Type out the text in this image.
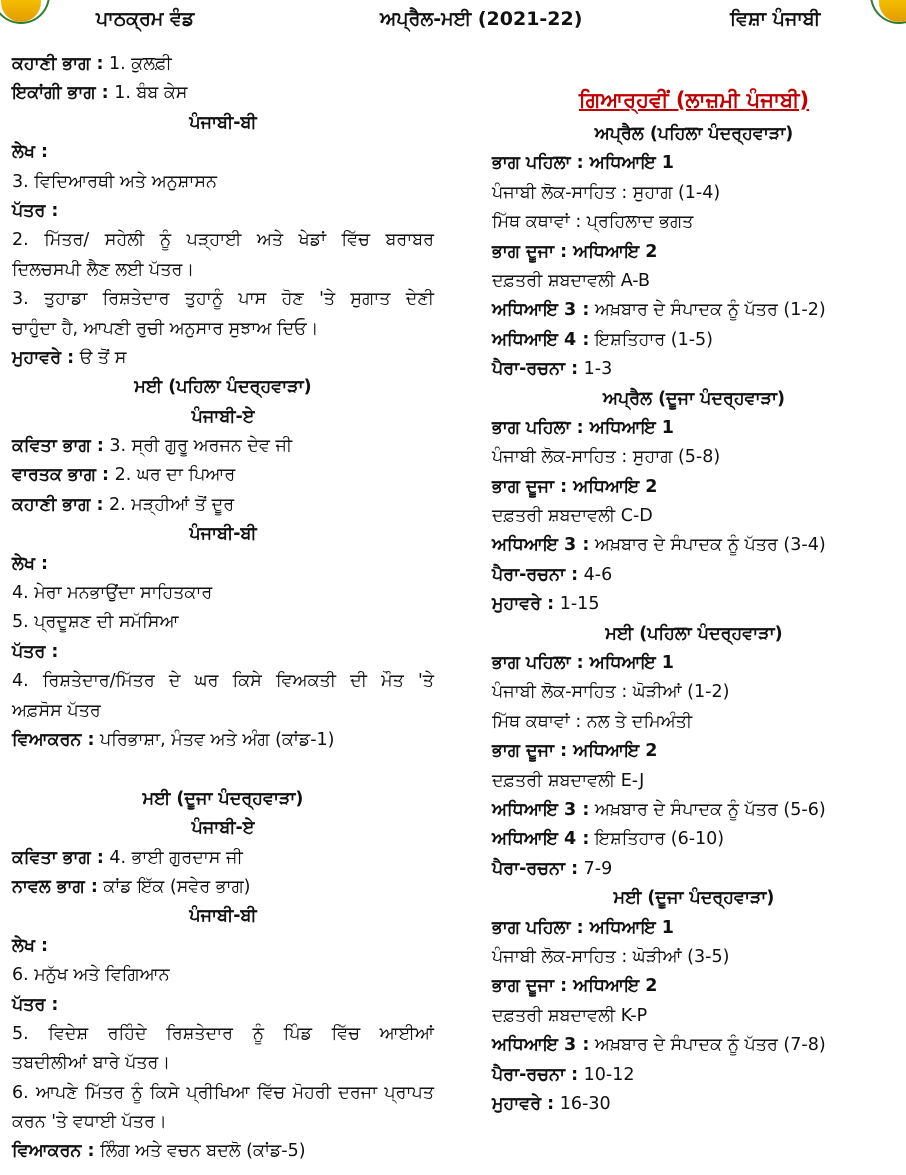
ਪਾਠਕ੍ਰਮ ਵੰਡ	ਅਪ੍ਰੈਲ-ਮਈ (2021-22)	ਵਿਸ਼ਾ ਪੰਜਾਬੀ
ਕਹਾਣੀ ਭਾਗ : 1. ਕੁਲਫ਼ੀ
ਇਕਾਂਗੀ ਭਾਗ : 1. ਬੰਬ ਕੇਸ
ਪੰਜਾਬੀ-ਬੀ
ਲੇਖ :
3. ਵਿਦਿਆਰਥੀ ਅਤੇ ਅਨੁਸ਼ਾਸਨ
ਪੱਤਰ :
2. ਮਿੱਤਰ/ ਸਹੇਲੀ ਨੂੰ ਪੜ੍ਹਾਈ ਅਤੇ ਖੇਡਾਂ ਵਿੱਚ ਬਰਾਬਰ
ਦਿਲਚਸਪੀ ਲੈਣ ਲਈ ਪੱਤਰ।
3. ਤੁਹਾਡਾ ਰਿਸ਼ਤੇਦਾਰ ਤੁਹਾਨੂੰ ਪਾਸ ਹੋਣ 'ਤੇ ਸੁਗਾਤ ਦੇਣੀ
ਚਾਹੁੰਦਾ ਹੈ, ਆਪਣੀ ਰੁਚੀ ਅਨੁਸਾਰ ਸੁਝਾਅ ਦਿਓ।
ਮੁਹਾਵਰੇ : ੳ ਤੋਂ ਸ
ਮਈ (ਪਹਿਲਾ ਪੰਦਰ੍ਹਵਾੜਾ)
ਪੰਜਾਬੀ-ਏ
ਕਵਿਤਾ ਭਾਗ : 3. ਸ੍ਰੀ ਗੁਰੂ ਅਰਜਨ ਦੇਵ ਜੀ
ਵਾਰਤਕ ਭਾਗ : 2. ਘਰ ਦਾ ਪਿਆਰ
ਕਹਾਣੀ ਭਾਗ : 2. ਮੜ੍ਹੀਆਂ ਤੋਂ ਦੂਰ
ਪੰਜਾਬੀ-ਬੀ
ਲੇਖ :
4. ਮੇਰਾ ਮਨਭਾਉਂਦਾ ਸਾਹਿਤਕਾਰ
5. ਪ੍ਰਦੂਸ਼ਣ ਦੀ ਸਮੱਸਿਆ
ਪੱਤਰ :
4. ਰਿਸ਼ਤੇਦਾਰ/ਮਿੱਤਰ ਦੇ ਘਰ ਕਿਸੇ ਵਿਅਕਤੀ ਦੀ ਮੌਤ 'ਤੇ
ਅਫ਼ਸੋਸ ਪੱਤਰ
ਵਿਆਕਰਨ : ਪਰਿਭਾਸ਼ਾ, ਮੰਤਵ ਅਤੇ ਅੰਗ (ਕਾਂਡ-1)
ਮਈ (ਦੂਜਾ ਪੰਦਰ੍ਹਵਾੜਾ)
ਪੰਜਾਬੀ-ਏ
ਕਵਿਤਾ ਭਾਗ : 4. ਭਾਈ ਗੁਰਦਾਸ ਜੀ
ਨਾਵਲ ਭਾਗ : ਕਾਂਡ ਇੱਕ (ਸਵੇਰ ਭਾਗ)
ਪੰਜਾਬੀ-ਬੀ
ਲੇਖ :
6. ਮਨੁੱਖ ਅਤੇ ਵਿਗਿਆਨ
ਪੱਤਰ :
5. ਵਿਦੇਸ਼ ਰਹਿੰਦੇ ਰਿਸ਼ਤੇਦਾਰ ਨੂੰ ਪਿੰਡ ਵਿੱਚ ਆਈਆਂ
ਤਬਦੀਲੀਆਂ ਬਾਰੇ ਪੱਤਰ।
6. ਆਪਣੇ ਮਿੱਤਰ ਨੂੰ ਕਿਸੇ ਪ੍ਰੀਖਿਆ ਵਿੱਚ ਮੋਹਰੀ ਦਰਜਾ ਪ੍ਰਾਪਤ
ਕਰਨ 'ਤੇ ਵਧਾਈ ਪੱਤਰ।
ਵਿਆਕਰਨ : ਲਿੰਗ ਅਤੇ ਵਚਨ ਬਦਲੋ (ਕਾਂਡ-5)
ਗਿਆਰ੍ਹਵੀਂ (ਲਾਜ਼ਮੀ ਪੰਜਾਬੀ)
ਅਪ੍ਰੈਲ (ਪਹਿਲਾ ਪੰਦਰ੍ਹਵਾੜਾ)
ਭਾਗ ਪਹਿਲਾ : ਅਧਿਆਇ 1
ਪੰਜਾਬੀ ਲੋਕ-ਸਾਹਿਤ : ਸੁਹਾਗ (1-4)
ਮਿੱਥ ਕਥਾਵਾਂ : ਪ੍ਰਹਿਲਾਦ ਭਗਤ
ਭਾਗ ਦੂਜਾ : ਅਧਿਆਇ 2
ਦਫ਼ਤਰੀ ਸ਼ਬਦਾਵਲੀ A-B
ਅਧਿਆਇ 3 : ਅਖ਼ਬਾਰ ਦੇ ਸੰਪਾਦਕ ਨੂੰ ਪੱਤਰ (1-2)
ਅਧਿਆਇ 4 : ਇਸ਼ਤਿਹਾਰ (1-5)
ਪੈਰਾ-ਰਚਨਾ : 1-3
ਅਪ੍ਰੈਲ (ਦੂਜਾ ਪੰਦਰ੍ਹਵਾੜਾ)
ਭਾਗ ਪਹਿਲਾ : ਅਧਿਆਇ 1
ਪੰਜਾਬੀ ਲੋਕ-ਸਾਹਿਤ : ਸੁਹਾਗ (5-8)
ਭਾਗ ਦੂਜਾ : ਅਧਿਆਇ 2
ਦਫ਼ਤਰੀ ਸ਼ਬਦਾਵਲੀ C-D
ਅਧਿਆਇ 3 : ਅਖ਼ਬਾਰ ਦੇ ਸੰਪਾਦਕ ਨੂੰ ਪੱਤਰ (3-4)
ਪੈਰਾ-ਰਚਨਾ : 4-6
ਮੁਹਾਵਰੇ : 1-15
ਮਈ (ਪਹਿਲਾ ਪੰਦਰ੍ਹਵਾੜਾ)
ਭਾਗ ਪਹਿਲਾ : ਅਧਿਆਇ 1
ਪੰਜਾਬੀ ਲੋਕ-ਸਾਹਿਤ : ਘੋੜੀਆਂ (1-2)
ਮਿੱਥ ਕਥਾਵਾਂ : ਨਲ ਤੇ ਦਮਿਅੰਤੀ
ਭਾਗ ਦੂਜਾ : ਅਧਿਆਇ 2
ਦਫ਼ਤਰੀ ਸ਼ਬਦਾਵਲੀ E-J
ਅਧਿਆਇ 3 : ਅਖ਼ਬਾਰ ਦੇ ਸੰਪਾਦਕ ਨੂੰ ਪੱਤਰ (5-6)
ਅਧਿਆਇ 4 : ਇਸ਼ਤਿਹਾਰ (6-10)
ਪੈਰਾ-ਰਚਨਾ : 7-9
ਮਈ (ਦੂਜਾ ਪੰਦਰ੍ਹਵਾੜਾ)
ਭਾਗ ਪਹਿਲਾ : ਅਧਿਆਇ 1
ਪੰਜਾਬੀ ਲੋਕ-ਸਾਹਿਤ : ਘੋੜੀਆਂ (3-5)
ਭਾਗ ਦੂਜਾ : ਅਧਿਆਇ 2
ਦਫ਼ਤਰੀ ਸ਼ਬਦਾਵਲੀ K-P
ਅਧਿਆਇ 3 : ਅਖ਼ਬਾਰ ਦੇ ਸੰਪਾਦਕ ਨੂੰ ਪੱਤਰ (7-8)
ਪੈਰਾ-ਰਚਨਾ : 10-12
ਮੁਹਾਵਰੇ : 16-30
